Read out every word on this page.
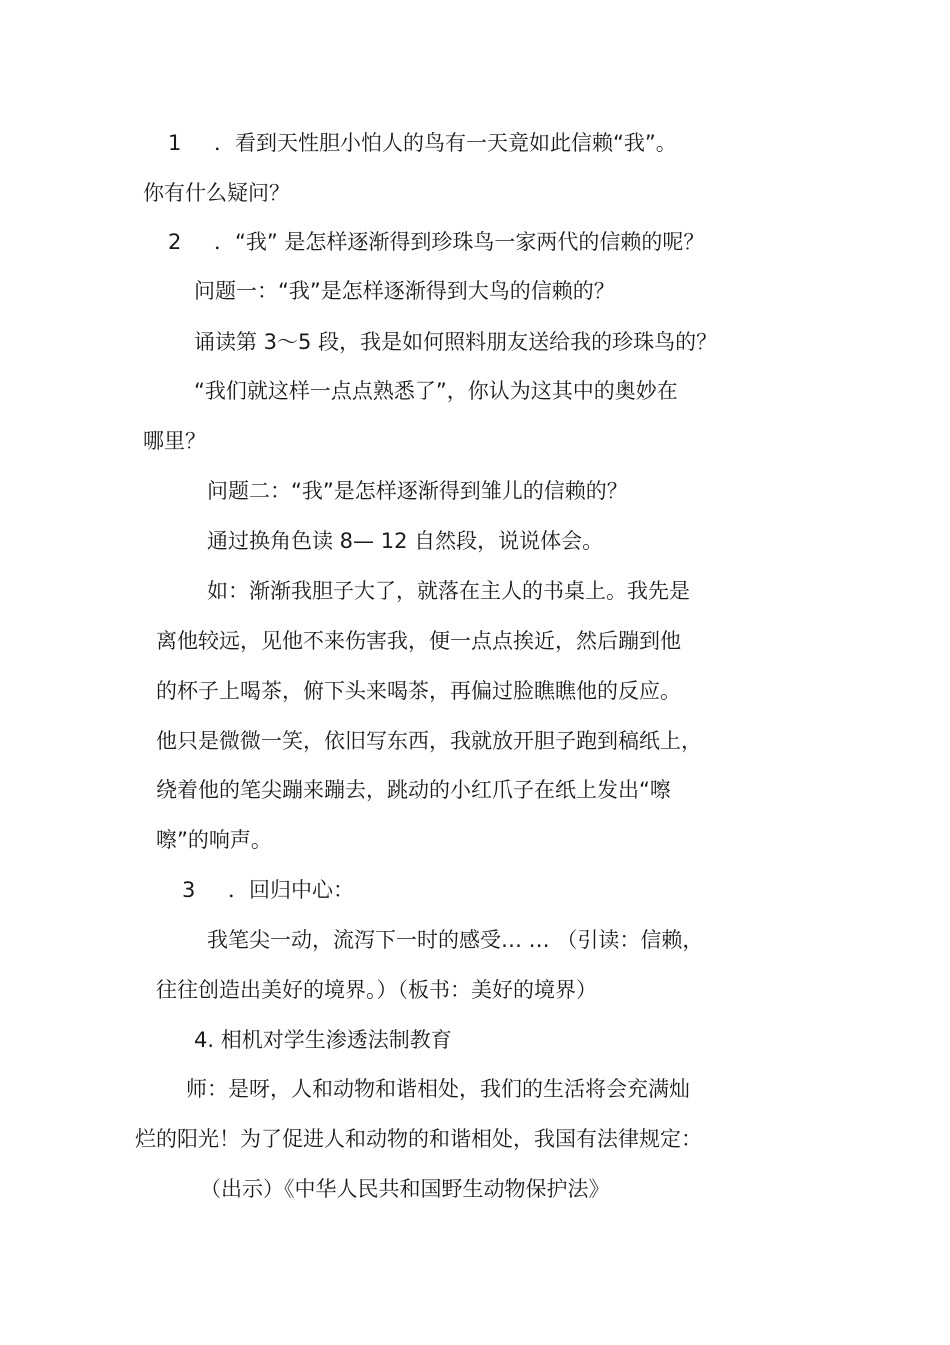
1 ．看到天性胆小怕人的鸟有一天竟如此信赖“我”。
你有什么疑问？
2 ．“我” 是怎样逐渐得到珍珠鸟一家两代的信赖的呢？
问题一：“我”是怎样逐渐得到大鸟的信赖的？
诵读第 3～5 段，我是如何照料朋友送给我的珍珠鸟的？
“我们就这样一点点熟悉了”，你认为这其中的奥妙在
哪里？
问题二：“我”是怎样逐渐得到雏儿的信赖的？
通过换角色读 8— 12 自然段，说说体会。
如：渐渐我胆子大了，就落在主人的书桌上。我先是
离他较远，见他不来伤害我，便一点点挨近，然后蹦到他
的杯子上喝茶，俯下头来喝茶，再偏过脸瞧瞧他的反应。
他只是微微一笑，依旧写东西，我就放开胆子跑到稿纸上，
绕着他的笔尖蹦来蹦去，跳动的小红爪子在纸上发出“嚓
嚓”的响声。
3 ．回归中心：
我笔尖一动，流泻下一时的感受… … （引读：信赖，
往往创造出美好的境界。）（板书：美好的境界）
4. 相机对学生渗透法制教育
师：是呀，人和动物和谐相处，我们的生活将会充满灿
烂的阳光！为了促进人和动物的和谐相处，我国有法律规定：
（出示）《中华人民共和国野生动物保护法》
